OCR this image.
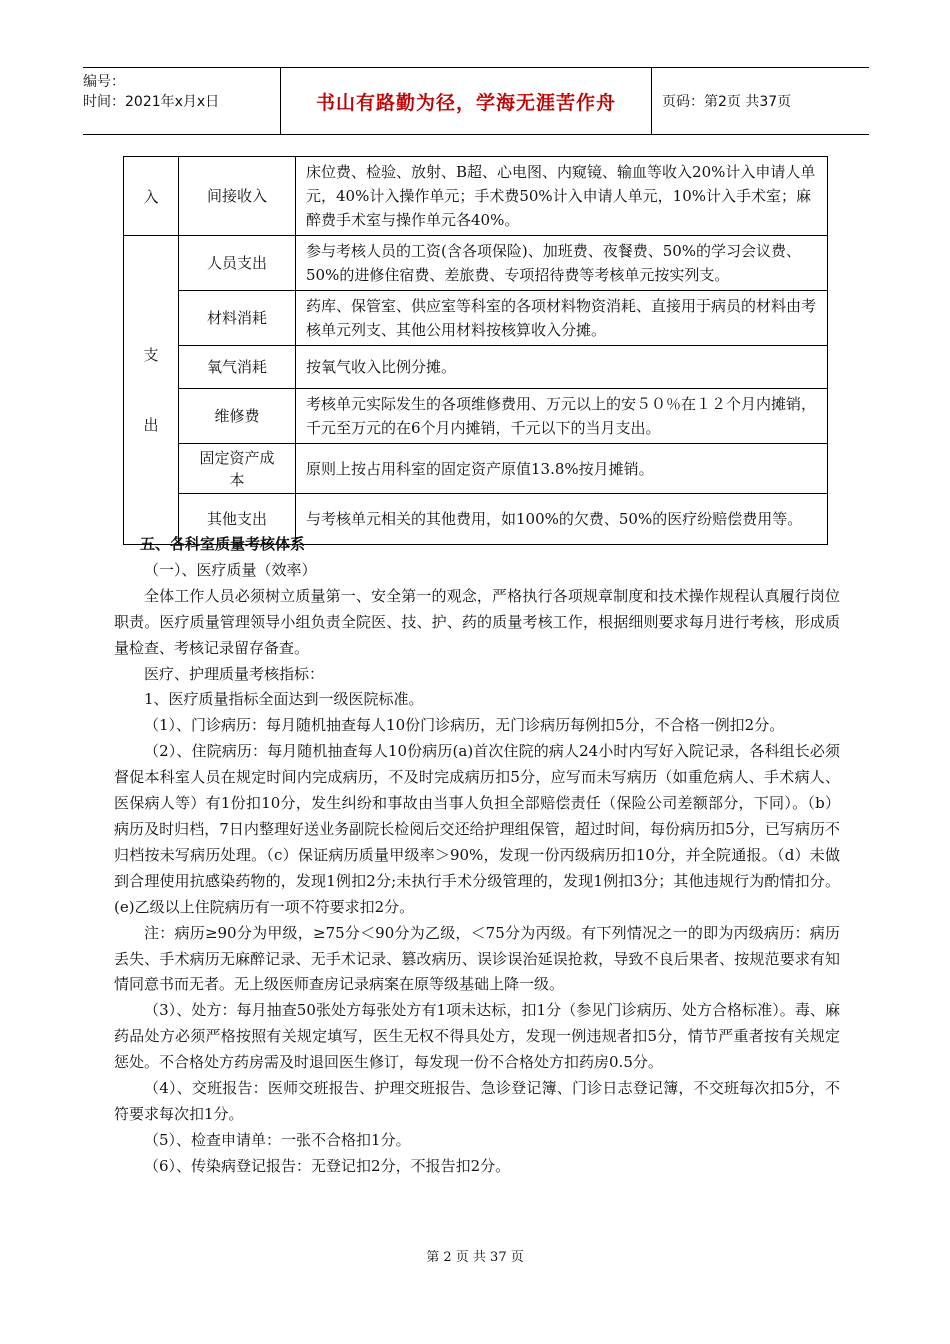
编号：
时间：2021年x月x日	书山有路勤为径，学海无涯苦作舟	页码：第2页 共37页
入	间接收入	床位费、检验、放射、B超、心电图、内窥镜、输血等收入20%计入申请人单元，40%计入操作单元；手术费50%计入申请人单元，10%计入手术室；麻醉费手术室与操作单元各40%。

支出	人员支出	参与考核人员的工资(含各项保险)、加班费、夜餐费、50%的学习会议费、50%的进修住宿费、差旅费、专项招待费等考核单元按实列支。
	材料消耗	药库、保管室、供应室等科室的各项材料物资消耗、直接用于病员的材料由考核单元列支、其他公用材料按核算收入分摊。
	氧气消耗	按氧气收入比例分摊。
	维修费	考核单元实际发生的各项维修费用、万元以上的安５０％在１２个月内摊销，千元至万元的在6个月内摊销，千元以下的当月支出。
	固定资产成本	原则上按占用科室的固定资产原值13.8%按月摊销。
	其他支出	与考核单元相关的其他费用，如100%的欠费、50%的医疗纷赔偿费用等。

五、各科室质量考核体系

（一）、医疗质量（效率）

全体工作人员必须树立质量第一、安全第一的观念，严格执行各项规章制度和技术操作规程认真履行岗位职责。医疗质量管理领导小组负责全院医、技、护、药的质量考核工作，根据细则要求每月进行考核，形成质量检查、考核记录留存备查。

医疗、护理质量考核指标：

1、医疗质量指标全面达到一级医院标准。

（1）、门诊病历：每月随机抽查每人10份门诊病历，无门诊病历每例扣5分，不合格一例扣2分。

（2）、住院病历：每月随机抽查每人10份病历(a)首次住院的病人24小时内写好入院记录，各科组长必须督促本科室人员在规定时间内完成病历，不及时完成病历扣5分，应写而未写病历（如重危病人、手术病人、医保病人等）有1份扣10分，发生纠纷和事故由当事人负担全部赔偿责任（保险公司差额部分，下同）。（b）病历及时归档，7日内整理好送业务副院长检阅后交还给护理组保管，超过时间，每份病历扣5分，已写病历不归档按未写病历处理。（c）保证病历质量甲级率＞90%，发现一份丙级病历扣10分，并全院通报。（d）未做到合理使用抗感染药物的，发现1例扣2分;未执行手术分级管理的，发现1例扣3分；其他违规行为酌情扣分。(e)乙级以上住院病历有一项不符要求扣2分。

注：病历≥90分为甲级，≥75分＜90分为乙级，＜75分为丙级。有下列情况之一的即为丙级病历：病历丢失、手术病历无麻醉记录、无手术记录、篡改病历、误诊误治延误抢救，导致不良后果者、按规范要求有知情同意书而无者。无上级医师查房记录病案在原等级基础上降一级。

（3）、处方：每月抽查50张处方每张处方有1项未达标，扣1分（参见门诊病历、处方合格标准）。毒、麻药品处方必须严格按照有关规定填写，医生无权不得具处方，发现一例违规者扣5分，情节严重者按有关规定惩处。不合格处方药房需及时退回医生修订，每发现一份不合格处方扣药房0.5分。

（4）、交班报告：医师交班报告、护理交班报告、急诊登记簿、门诊日志登记簿，不交班每次扣5分，不符要求每次扣1分。

（5）、检查申请单：一张不合格扣1分。

（6）、传染病登记报告：无登记扣2分，不报告扣2分。

第 2 页 共 37 页
